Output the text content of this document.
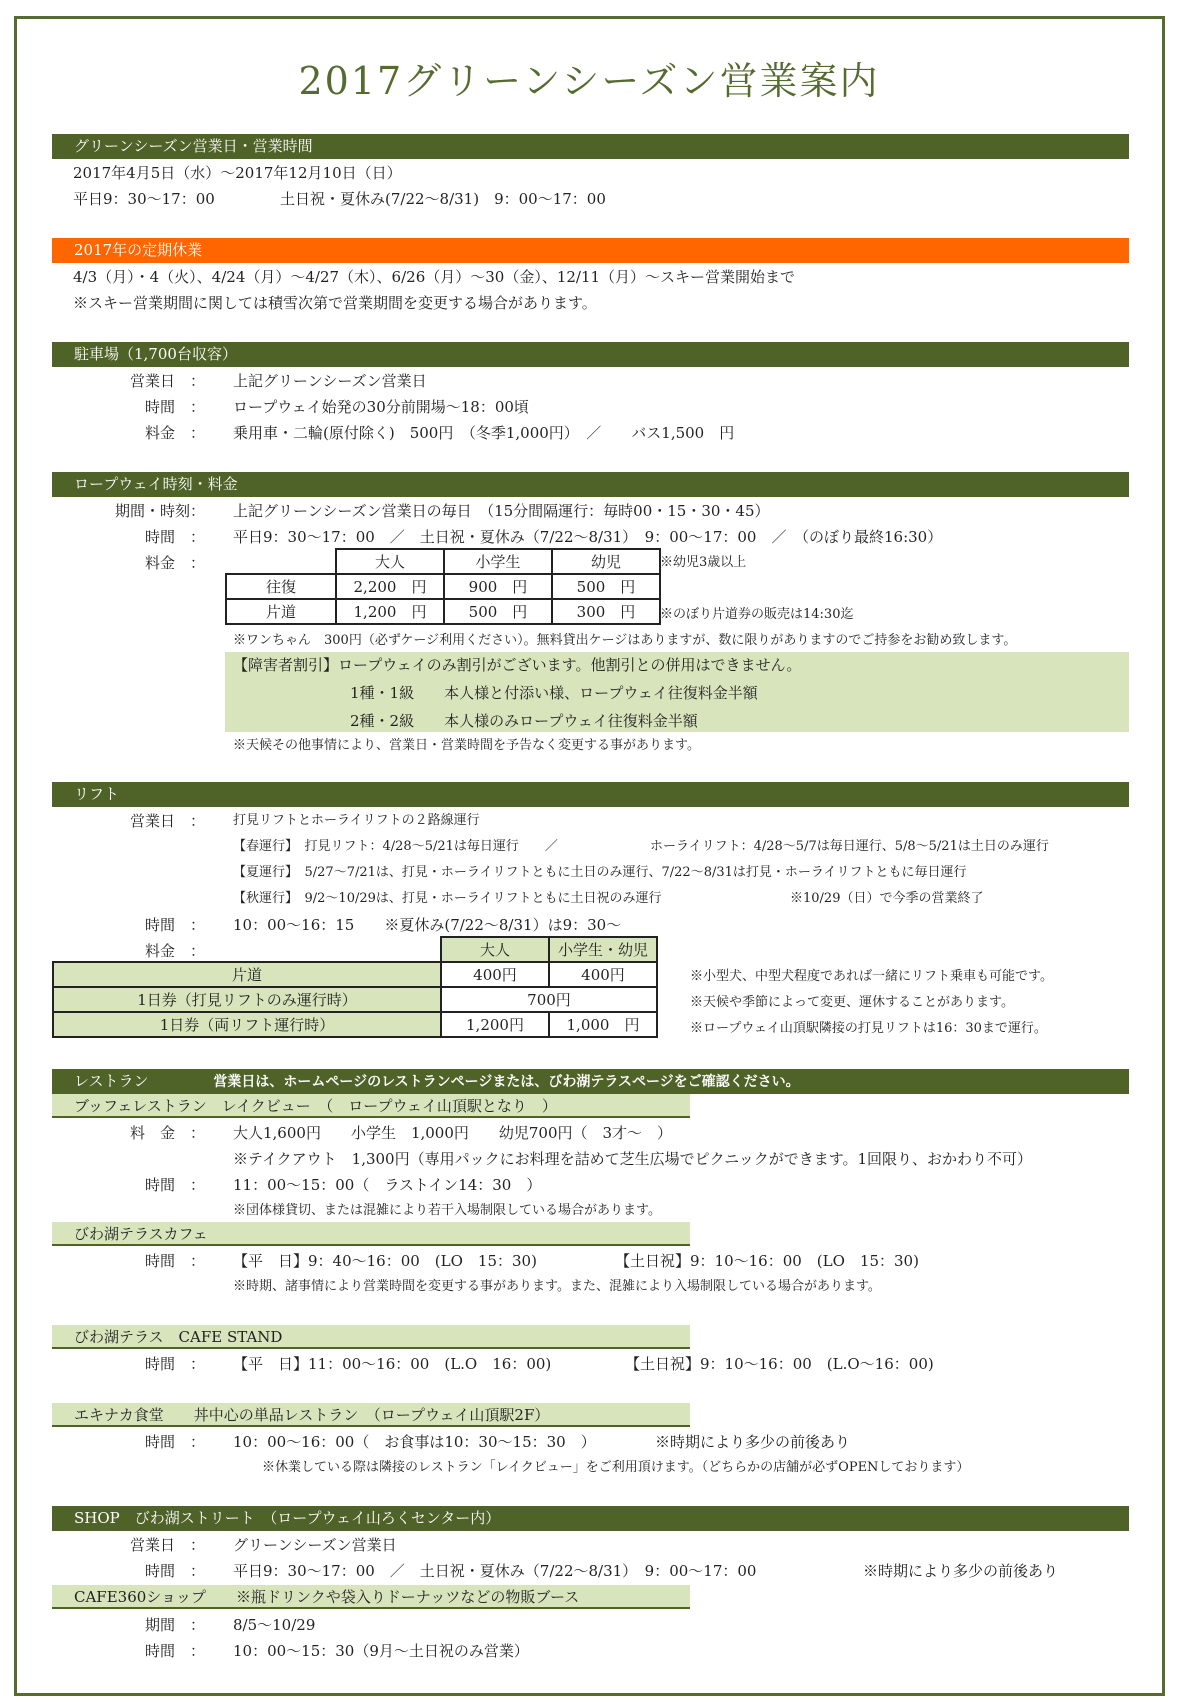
2017グリーンシーズン営業案内
グリーンシーズン営業日・営業時間
2017年4月5日（水）～2017年12月10日（日）
平日9：30～17：00	土日祝・夏休み(7/22～8/31)　9：00～17：00
2017年の定期休業
4/3（月）・4（火）、4/24（月）～4/27（木）、6/26（月）～30（金）、12/11（月）～スキー営業開始まで
※スキー営業期間に関しては積雪次第で営業期間を変更する場合があります。
駐車場（1,700台収容）
営業日　： 上記グリーンシーズン営業日
時間　： ロープウェイ始発の30分前開場～18：00頃
料金　： 乗用車・二輪(原付除く)　500円　（冬季1,000円）　／　　バス1,500　円
ロープウェイ時刻・料金
期間・時刻： 上記グリーンシーズン営業日の毎日　（15分間隔運行：毎時00・15・30・45）
時間　： 平日9：30～17：00　／　土日祝・夏休み（7/22～8/31）　9：00～17：00　／　（のぼり最終16:30）
料金　：
		大人	小学生	幼児
往復	2,200　円	900　円	500　円
片道	1,200　円	500　円	300　円
※幼児3歳以上
※のぼり片道券の販売は14:30迄
※ワンちゃん　300円（必ずケージ利用ください）。無料貸出ケージはありますが、数に限りがありますのでご持参をお勧め致します。
【障害者割引】ロープウェイのみ割引がございます。他割引との併用はできません。
1種・1級　　本人様と付添い様、ロープウェイ往復料金半額
2種・2級　　本人様のみロープウェイ往復料金半額
※天候その他事情により、営業日・営業時間を予告なく変更する事があります。
リフト
営業日　： 打見リフトとホーライリフトの２路線運行
【春運行】　打見リフト：4/28～5/21は毎日運行　　／	ホーライリフト：4/28～5/7は毎日運行、5/8～5/21は土日のみ運行
【夏運行】　5/27～7/21は、打見・ホーライリフトともに土日のみ運行、7/22～8/31は打見・ホーライリフトともに毎日運行
【秋運行】　9/2～10/29は、打見・ホーライリフトともに土日祝のみ運行	※10/29（日）で今季の営業終了
時間　： 10：00～16：15　　※夏休み(7/22～8/31）は9：30～
料金　：
		大人	小学生・幼児
片道	400円	400円
1日券（打見リフトのみ運行時）	700円	
1日券（両リフト運行時）	1,200円	1,000　円
※小型犬、中型犬程度であれば一緒にリフト乗車も可能です。
※天候や季節によって変更、運休することがあります。
※ロープウェイ山頂駅隣接の打見リフトは16：30まで運行。
レストラン	営業日は、ホームページのレストランページまたは、びわ湖テラスページをご確認ください。
ブッフェレストラン　レイクビュー　（　ロープウェイ山頂駅となり　）
料　金　： 大人1,600円　　小学生　1,000円　　幼児700円（　3才～　）
※テイクアウト　1,300円（専用パックにお料理を詰めて芝生広場でピクニックができます。1回限り、おかわり不可）
時間　： 11：00～15：00（　ラストイン14：30　）
※団体様貸切、または混雑により若干入場制限している場合があります。
びわ湖テラスカフェ
時間　： 【平　日】9：40～16：00　(LO　15：30)	【土日祝】9：10～16：00　(LO　15：30)
※時期、諸事情により営業時間を変更する事があります。また、混雑により入場制限している場合があります。
びわ湖テラス　CAFE STAND
時間　： 【平　日】11：00～16：00　(L.O　16：00)	【土日祝】9：10～16：00　(L.O～16：00)
エキナカ食堂　　丼中心の単品レストラン　（ロープウェイ山頂駅2F）
時間　： 10：00～16：00（　お食事は10：30～15：30　）	※時期により多少の前後あり
※休業している際は隣接のレストラン「レイクビュー」をご利用頂けます。（どちらかの店舗が必ずOPENしております）
SHOP　びわ湖ストリート　（ロープウェイ山ろくセンター内）
営業日　： グリーンシーズン営業日
時間　： 平日9：30～17：00　／　土日祝・夏休み（7/22～8/31）　9：00～17：00	※時期により多少の前後あり
CAFE360ショップ　　※瓶ドリンクや袋入りドーナッツなどの物販ブース
期間　： 8/5～10/29
時間　： 10：00～15：30（9月～土日祝のみ営業）
